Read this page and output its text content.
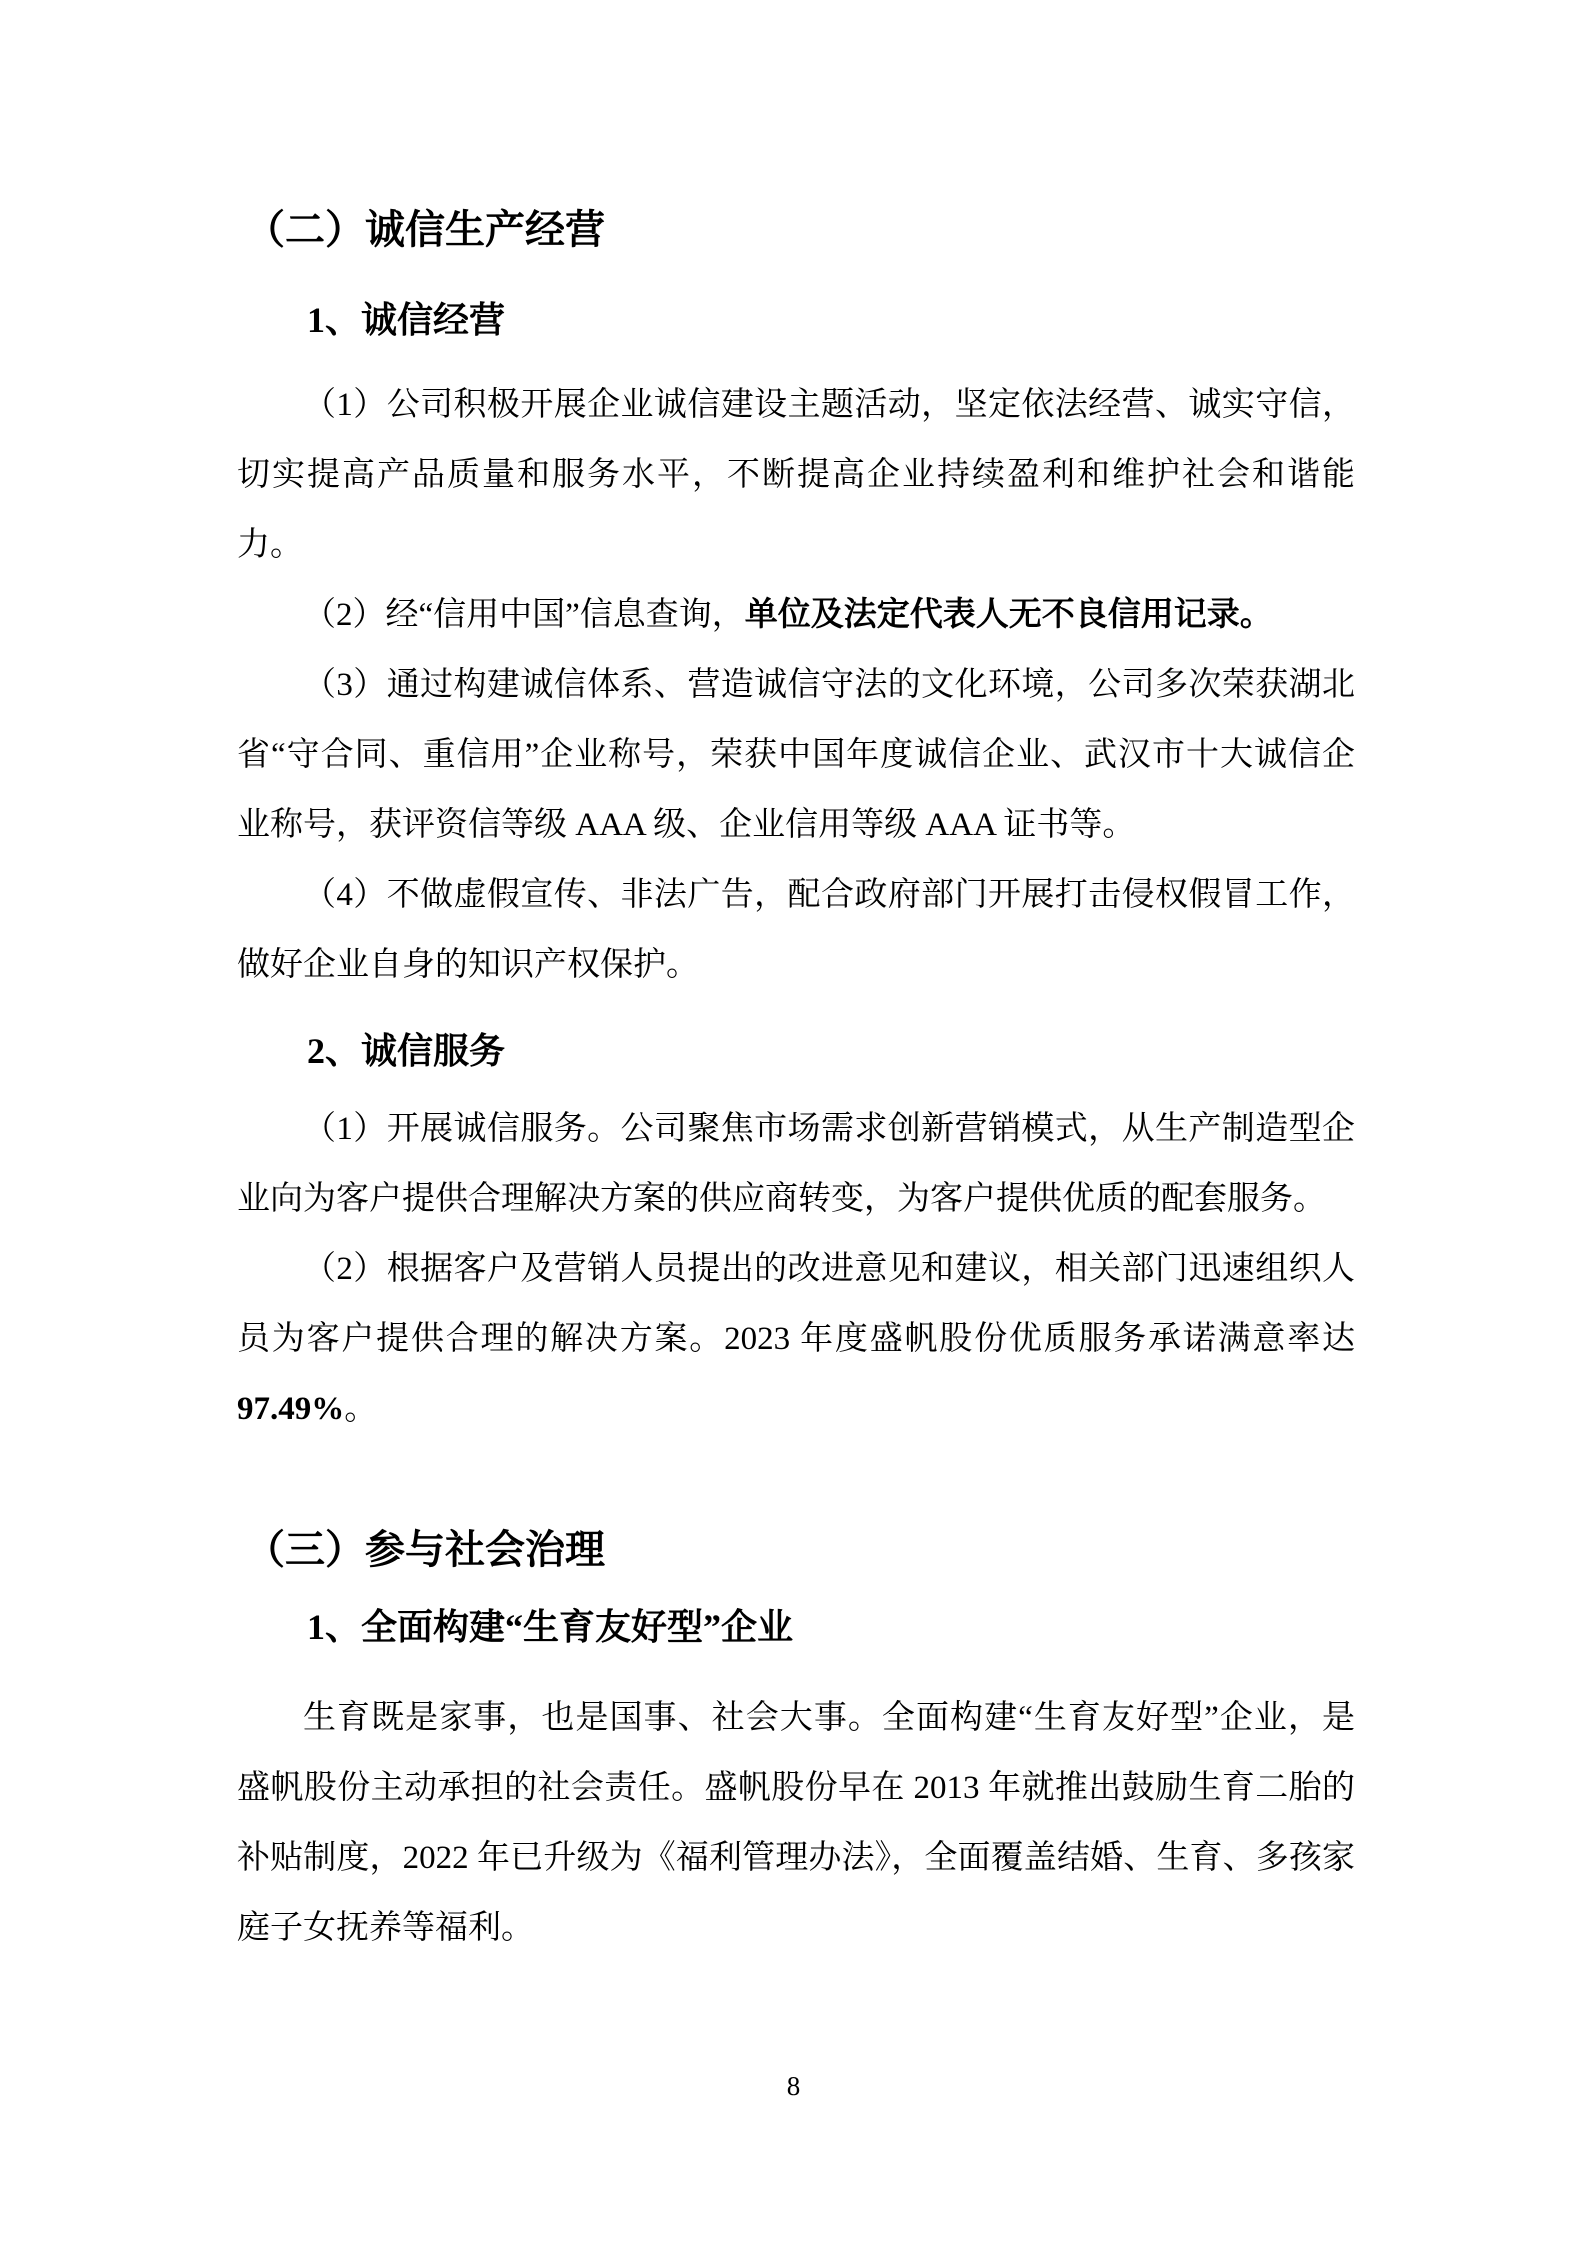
（二）诚信生产经营
1、诚信经营

（1）公司积极开展企业诚信建设主题活动，坚定依法经营、诚实守信，切实提高产品质量和服务水平，不断提高企业持续盈利和维护社会和谐能力。

（2）经“信用中国”信息查询，单位及法定代表人无不良信用记录。

（3）通过构建诚信体系、营造诚信守法的文化环境，公司多次荣获湖北省“守合同、重信用”企业称号，荣获中国年度诚信企业、武汉市十大诚信企业称号，获评资信等级 AAA 级、企业信用等级 AAA 证书等。

（4）不做虚假宣传、非法广告，配合政府部门开展打击侵权假冒工作，做好企业自身的知识产权保护。

2、诚信服务

（1）开展诚信服务。公司聚焦市场需求创新营销模式，从生产制造型企业向为客户提供合理解决方案的供应商转变，为客户提供优质的配套服务。

（2）根据客户及营销人员提出的改进意见和建议，相关部门迅速组织人员为客户提供合理的解决方案。2023 年度盛帆股份优质服务承诺满意率达97.49%。

（三）参与社会治理
1、全面构建“生育友好型”企业

生育既是家事，也是国事、社会大事。全面构建“生育友好型”企业，是盛帆股份主动承担的社会责任。盛帆股份早在 2013 年就推出鼓励生育二胎的补贴制度，2022 年已升级为《福利管理办法》，全面覆盖结婚、生育、多孩家庭子女抚养等福利。

8
